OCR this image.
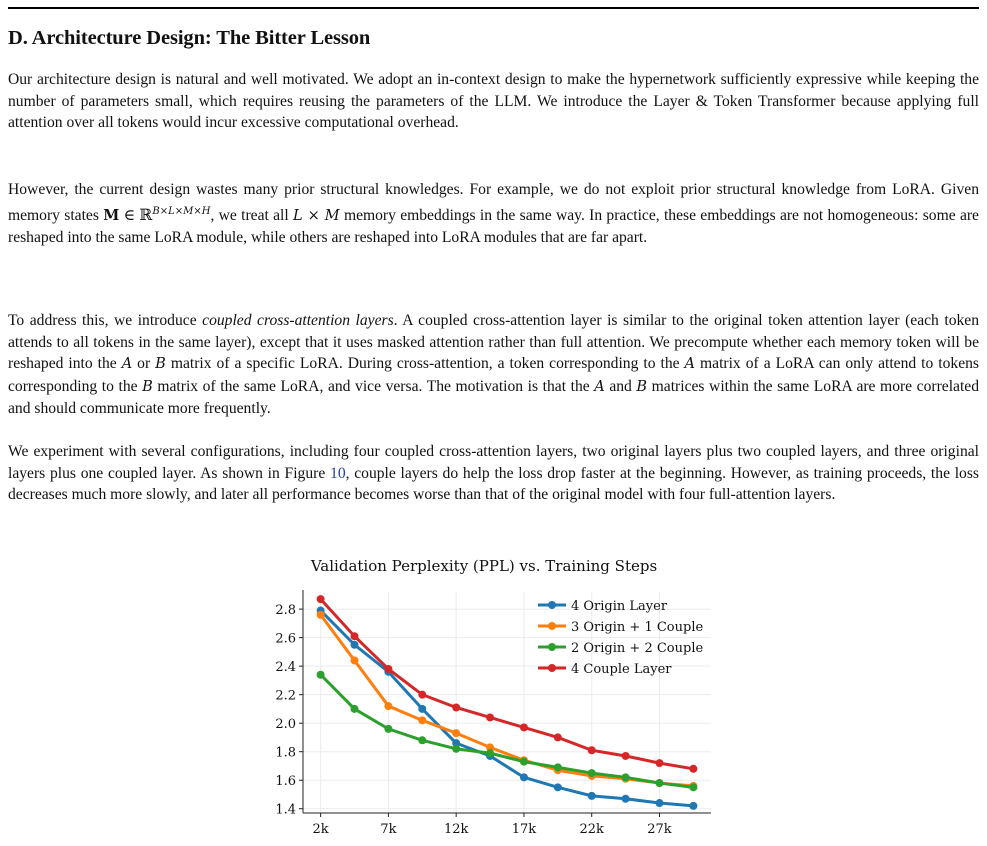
D. Architecture Design: The Bitter Lesson

Our architecture design is natural and well motivated. We adopt an in-context design to make the hypernetwork sufficiently expressive while keeping the number of parameters small, which requires reusing the parameters of the LLM. We introduce the Layer & Token Transformer because applying full attention over all tokens would incur excessive computational overhead.

However, the current design wastes many prior structural knowledges. For example, we do not exploit prior structural knowledge from LoRA. Given memory states M ∈ ℝ$^{B\times L\times M\times H}$, we treat all L × M memory embeddings in the same way. In practice, these embeddings are not homogeneous: some are reshaped into the same LoRA module, while others are reshaped into LoRA modules that are far apart.

To address this, we introduce coupled cross-attention layers. A coupled cross-attention layer is similar to the original token attention layer (each token attends to all tokens in the same layer), except that it uses masked attention rather than full attention. We precompute whether each memory token will be reshaped into the A or B matrix of a specific LoRA. During cross-attention, a token corresponding to the A matrix of a LoRA can only attend to tokens corresponding to the B matrix of the same LoRA, and vice versa. The motivation is that the A and B matrices within the same LoRA are more correlated and should communicate more frequently.

We experiment with several configurations, including four coupled cross-attention layers, two original layers plus two coupled layers, and three original layers plus one coupled layer. As shown in Figure 10, couple layers do help the loss drop faster at the beginning. However, as training proceeds, the loss decreases much more slowly, and later all performance becomes worse than that of the original model with four full-attention layers.

Validation Perplexity (PPL) vs. Training Steps
1.4
1.6
1.8
2.0
2.2
2.4
2.6
2.8
2k	7k	12k	17k	22k	27k
4 Origin Layer
3 Origin + 1 Couple
2 Origin + 2 Couple
4 Couple Layer
